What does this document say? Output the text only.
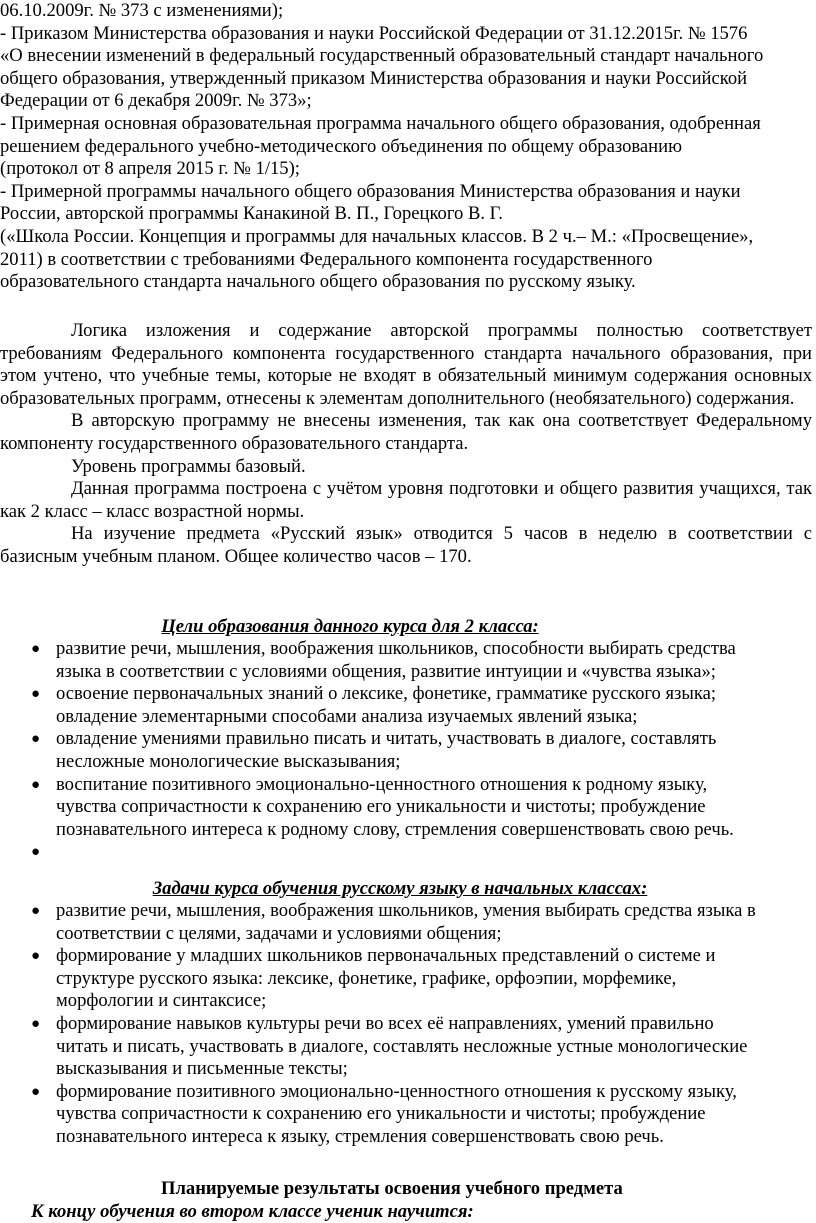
06.10.2009г. № 373 с изменениями);
- Приказом Министерства образования и науки Российской Федерации от 31.12.2015г. № 1576
«О внесении изменений в федеральный государственный образовательный стандарт начального
общего образования, утвержденный приказом Министерства образования и науки Российской
Федерации от 6 декабря 2009г. № 373»;
- Примерная основная образовательная программа начального общего образования, одобренная
решением федерального учебно-методического объединения по общему образованию
(протокол от 8 апреля 2015 г. № 1/15);
- Примерной программы начального общего образования Министерства образования и науки
России, авторской программы Канакиной В. П., Горецкого В. Г.
(«Школа России. Концепция и программы для начальных классов. В 2 ч.– М.: «Просвещение»,
2011) в соответствии с требованиями Федерального компонента государственного
образовательного стандарта начального общего образования по русскому языку.
Логика изложения и содержание авторской программы полностью соответствует требованиям Федерального компонента государственного стандарта начального образования, при этом учтено, что учебные темы, которые не входят в обязательный минимум содержания основных образовательных программ, отнесены к элементам дополнительного (необязательного) содержания.
В авторскую программу не внесены изменения, так как она соответствует Федеральному компоненту государственного образовательного стандарта.
Уровень программы базовый.
Данная программа построена с учётом уровня подготовки и общего развития учащихся, так как 2 класс – класс возрастной нормы.
На изучение предмета «Русский язык» отводится 5 часов в неделю в соответствии с базисным учебным планом. Общее количество часов – 170.
Цели образования данного курса для 2 класса:
● развитие речи, мышления, воображения школьников, способности выбирать средства
языка в соответствии с условиями общения, развитие интуиции и «чувства языка»;
● освоение первоначальных знаний о лексике, фонетике, грамматике русского языка;
овладение элементарными способами анализа изучаемых явлений языка;
● овладение умениями правильно писать и читать, участвовать в диалоге, составлять
несложные монологические высказывания;
● воспитание позитивного эмоционально-ценностного отношения к родному языку,
чувства сопричастности к сохранению его уникальности и чистоты; пробуждение
познавательного интереса к родному слову, стремления совершенствовать свою речь.
●

Задачи курса обучения русскому языку в начальных классах:
● развитие речи, мышления, воображения школьников, умения выбирать средства языка в
соответствии с целями, задачами и условиями общения;
● формирование у младших школьников первоначальных представлений о системе и
структуре русского языка: лексике, фонетике, графике, орфоэпии, морфемике,
морфологии и синтаксисе;
● формирование навыков культуры речи во всех её направлениях, умений правильно
читать и писать, участвовать в диалоге, составлять несложные устные монологические
высказывания и письменные тексты;
● формирование позитивного эмоционально-ценностного отношения к русскому языку,
чувства сопричастности к сохранению его уникальности и чистоты; пробуждение
познавательного интереса к языку, стремления совершенствовать свою речь.
Планируемые результаты освоения учебного предмета
К концу обучения во втором классе ученик научится:
